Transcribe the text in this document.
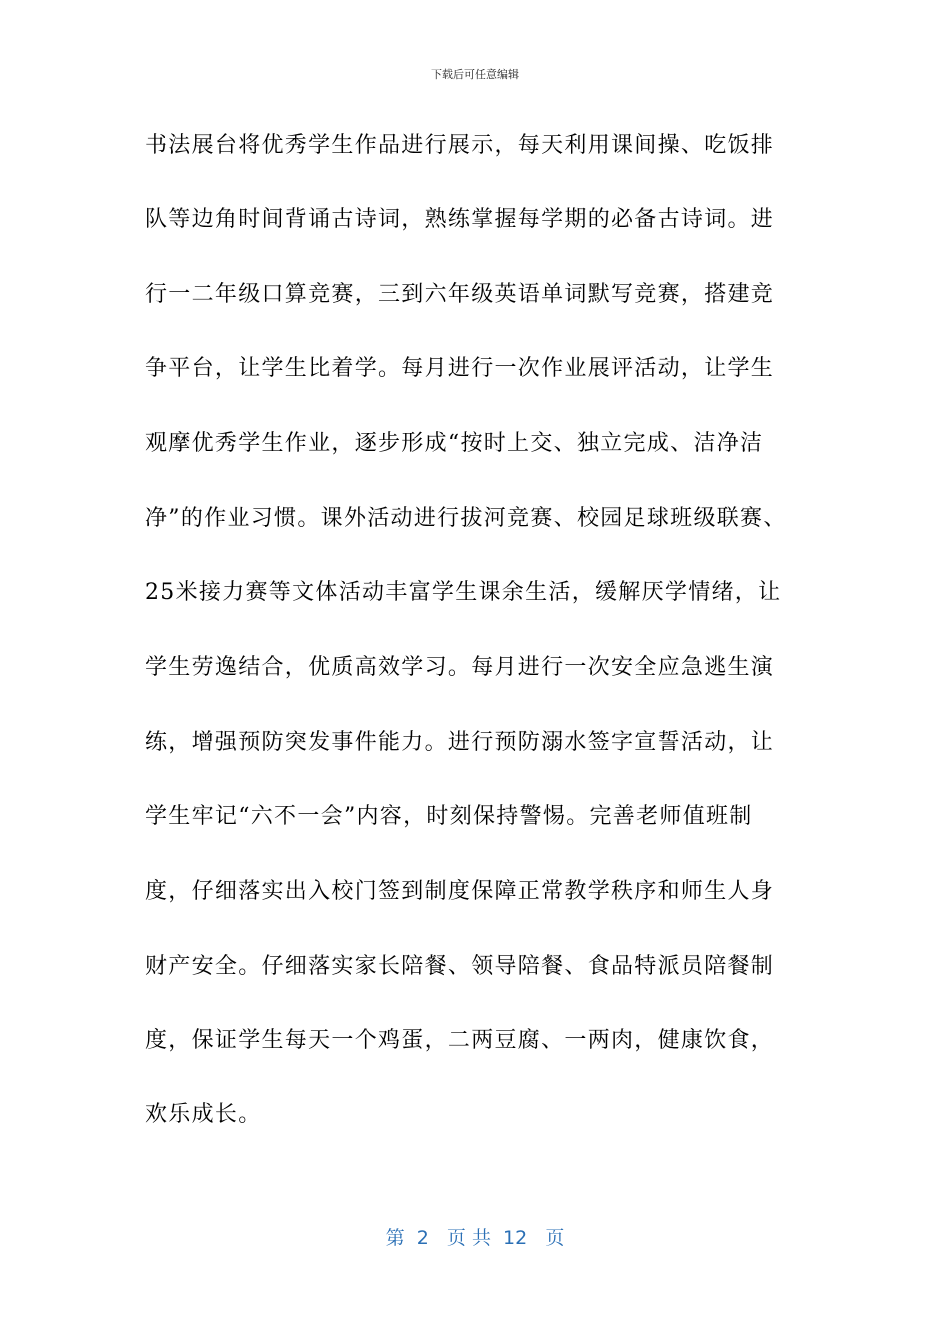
下载后可任意编辑
书法展台将优秀学生作品进行展示，每天利用课间操、吃饭排
队等边角时间背诵古诗词，熟练掌握每学期的必备古诗词。进
行一二年级口算竞赛，三到六年级英语单词默写竞赛，搭建竞
争平台，让学生比着学。每月进行一次作业展评活动，让学生
观摩优秀学生作业，逐步形成“按时上交、独立完成、洁净洁
净”的作业习惯。课外活动进行拔河竞赛、校园足球班级联赛、
25米接力赛等文体活动丰富学生课余生活，缓解厌学情绪，让
学生劳逸结合，优质高效学习。每月进行一次安全应急逃生演
练，增强预防突发事件能力。进行预防溺水签字宣誓活动，让
学生牢记“六不一会”内容，时刻保持警惕。完善老师值班制
度，仔细落实出入校门签到制度保障正常教学秩序和师生人身
财产安全。仔细落实家长陪餐、领导陪餐、食品特派员陪餐制
度，保证学生每天一个鸡蛋，二两豆腐、一两肉，健康饮食，
欢乐成长。
第  2   页 共  12   页
